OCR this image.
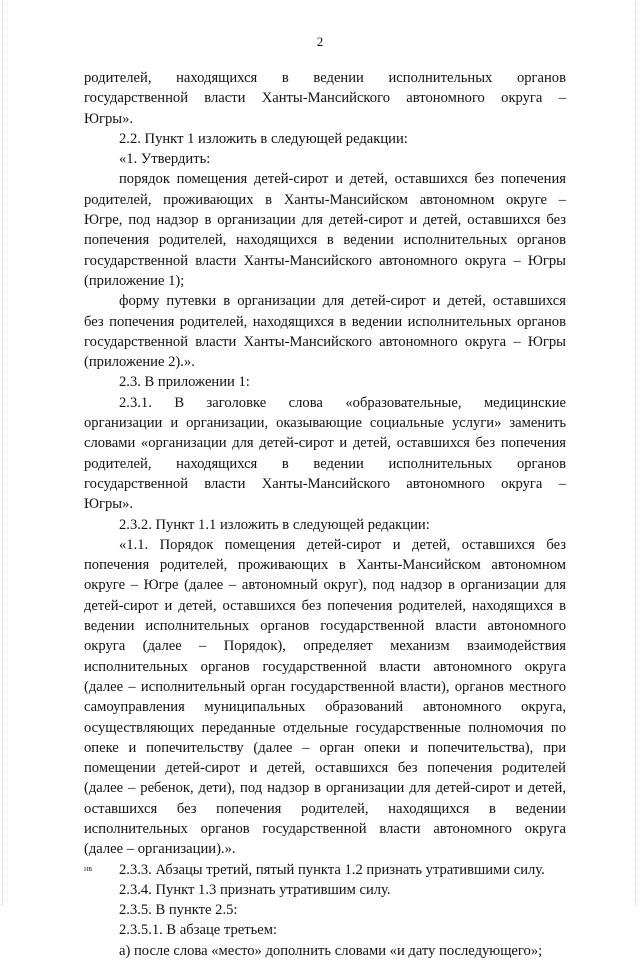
2
родителей, находящихся в ведении исполнительных органов
государственной власти Ханты-Мансийского автономного округа –
Югры».
2.2. Пункт 1 изложить в следующей редакции:
«1. Утвердить:
порядок помещения детей-сирот и детей, оставшихся без попечения
родителей, проживающих в Ханты-Мансийском автономном округе –
Югре, под надзор в организации для детей-сирот и детей, оставшихся без
попечения родителей, находящихся в ведении исполнительных органов
государственной власти Ханты-Мансийского автономного округа – Югры
(приложение 1);
форму путевки в организации для детей-сирот и детей, оставшихся
без попечения родителей, находящихся в ведении исполнительных органов
государственной власти Ханты-Мансийского автономного округа – Югры
(приложение 2).».
2.3. В приложении 1:
2.3.1. В заголовке слова «образовательные, медицинские
организации и организации, оказывающие социальные услуги» заменить
словами «организации для детей-сирот и детей, оставшихся без попечения
родителей, находящихся в ведении исполнительных органов
государственной власти Ханты-Мансийского автономного округа –
Югры».
2.3.2. Пункт 1.1 изложить в следующей редакции:
«1.1. Порядок помещения детей-сирот и детей, оставшихся без
попечения родителей, проживающих в Ханты-Мансийском автономном
округе – Югре (далее – автономный округ), под надзор в организации для
детей-сирот и детей, оставшихся без попечения родителей, находящихся в
ведении исполнительных органов государственной власти автономного
округа (далее – Порядок), определяет механизм взаимодействия
исполнительных органов государственной власти автономного округа
(далее – исполнительный орган государственной власти), органов местного
самоуправления муниципальных образований автономного округа,
осуществляющих переданные отдельные государственные полномочия по
опеке и попечительству (далее – орган опеки и попечительства), при
помещении детей-сирот и детей, оставшихся без попечения родителей
(далее – ребенок, дети), под надзор в организации для детей-сирот и детей,
оставшихся без попечения родителей, находящихся в ведении
исполнительных органов государственной власти автономного округа
(далее – организации).».
2.3.3. Абзацы третий, пятый пункта 1.2 признать утратившими силу.
2.3.4. Пункт 1.3 признать утратившим силу.
2.3.5. В пункте 2.5:
2.3.5.1. В абзаце третьем:
а) после слова «место» дополнить словами «и дату последующего»;
нв
